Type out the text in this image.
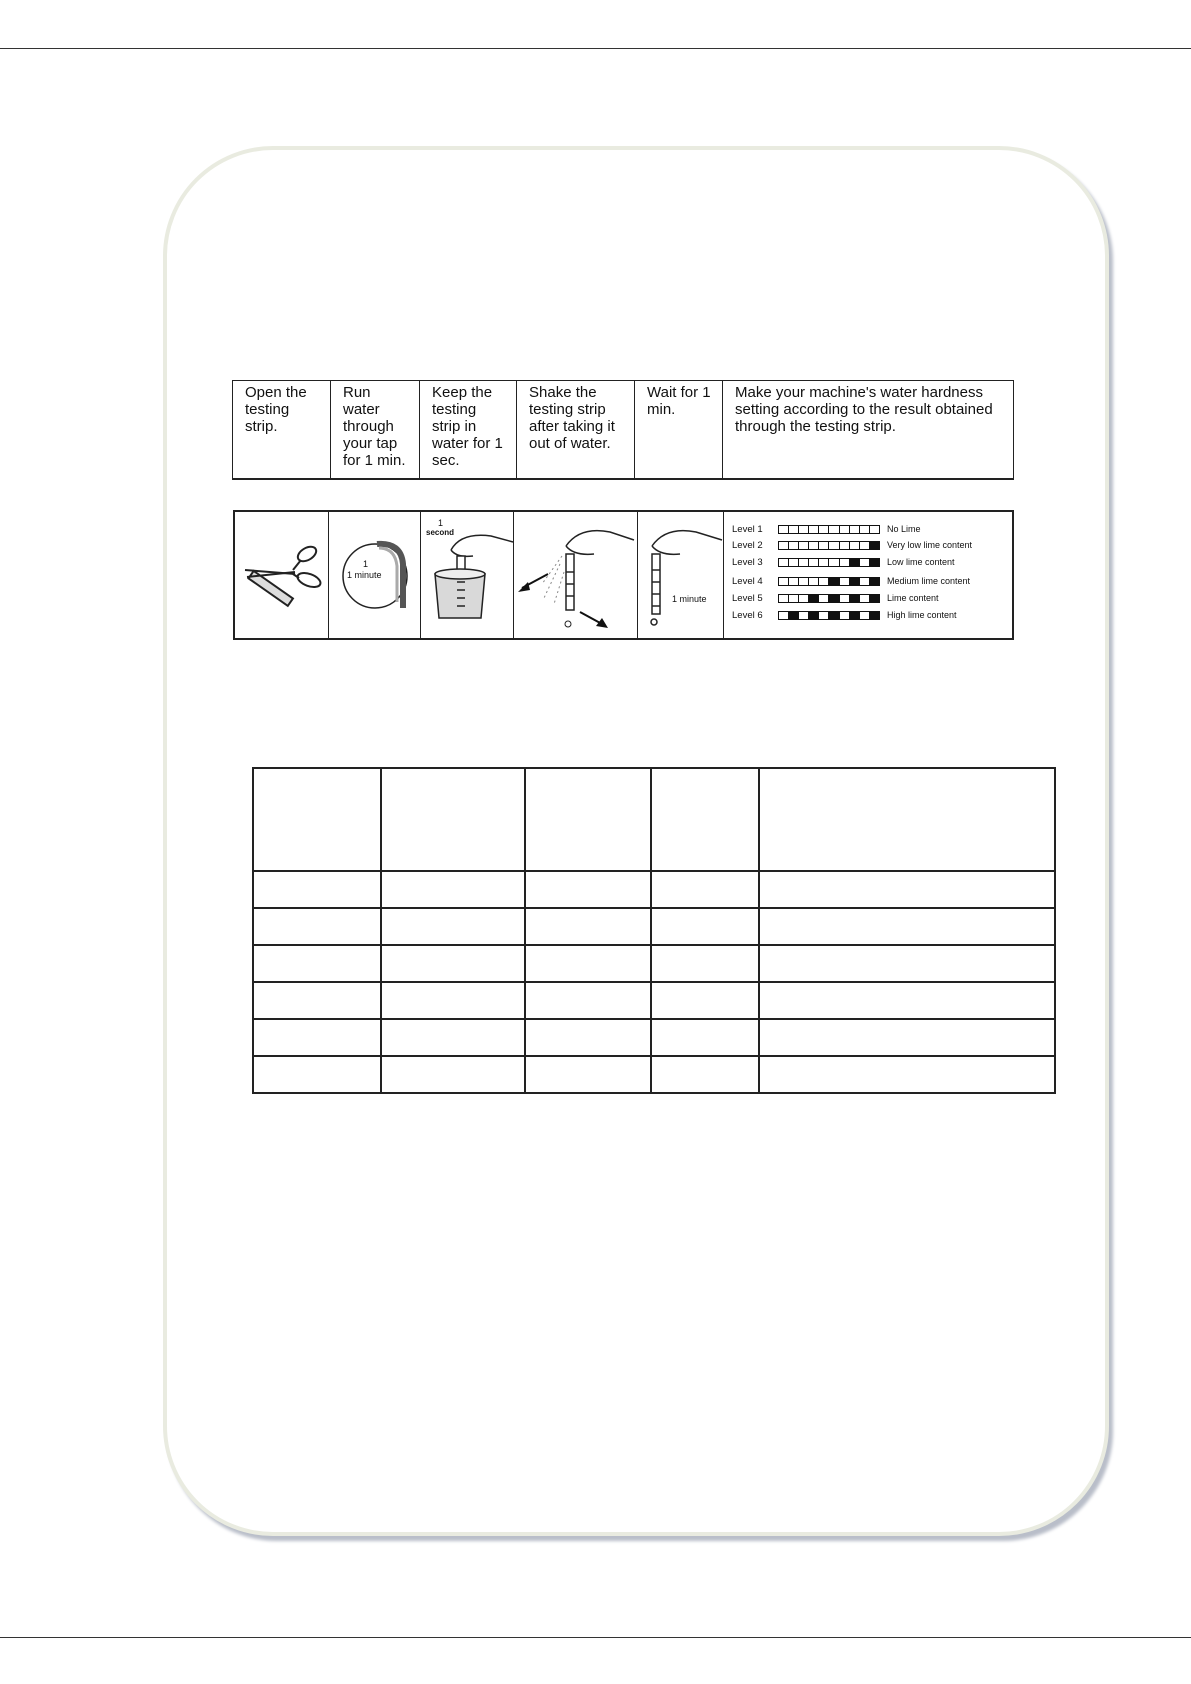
Open the testing strip.	Run water through your tap for 1 min.	Keep the testing strip in water for 1 sec.	Shake the testing strip after taking it out of water.	Wait for 1 min.	Make your machine's water hardness setting according to the result obtained through the testing strip.
1
1 minute
1
second
1 minute
Level 1	No Lime
Level 2	Very low lime content
Level 3	Low lime content
Level 4	Medium lime content
Level 5	Lime content
Level 6	High lime content
